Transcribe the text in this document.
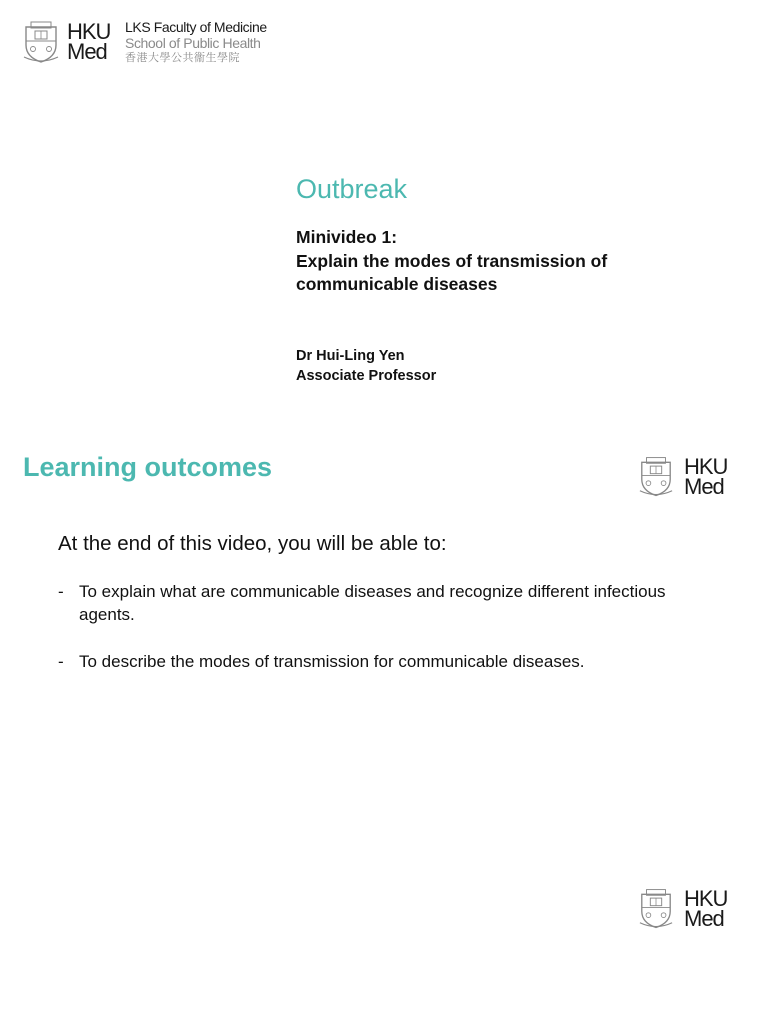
HKU
Med
LKS Faculty of Medicine
School of Public Health
香港大學公共衞生學院
Outbreak
Minivideo 1:
Explain the modes of transmission of
communicable diseases
Dr Hui-Ling Yen
Associate Professor
Learning outcomes	HKU
Med
At the end of this video, you will be able to:
- To explain what are communicable diseases and recognize different infectious agents.
- To describe the modes of transmission for communicable diseases.
HKU
Med
